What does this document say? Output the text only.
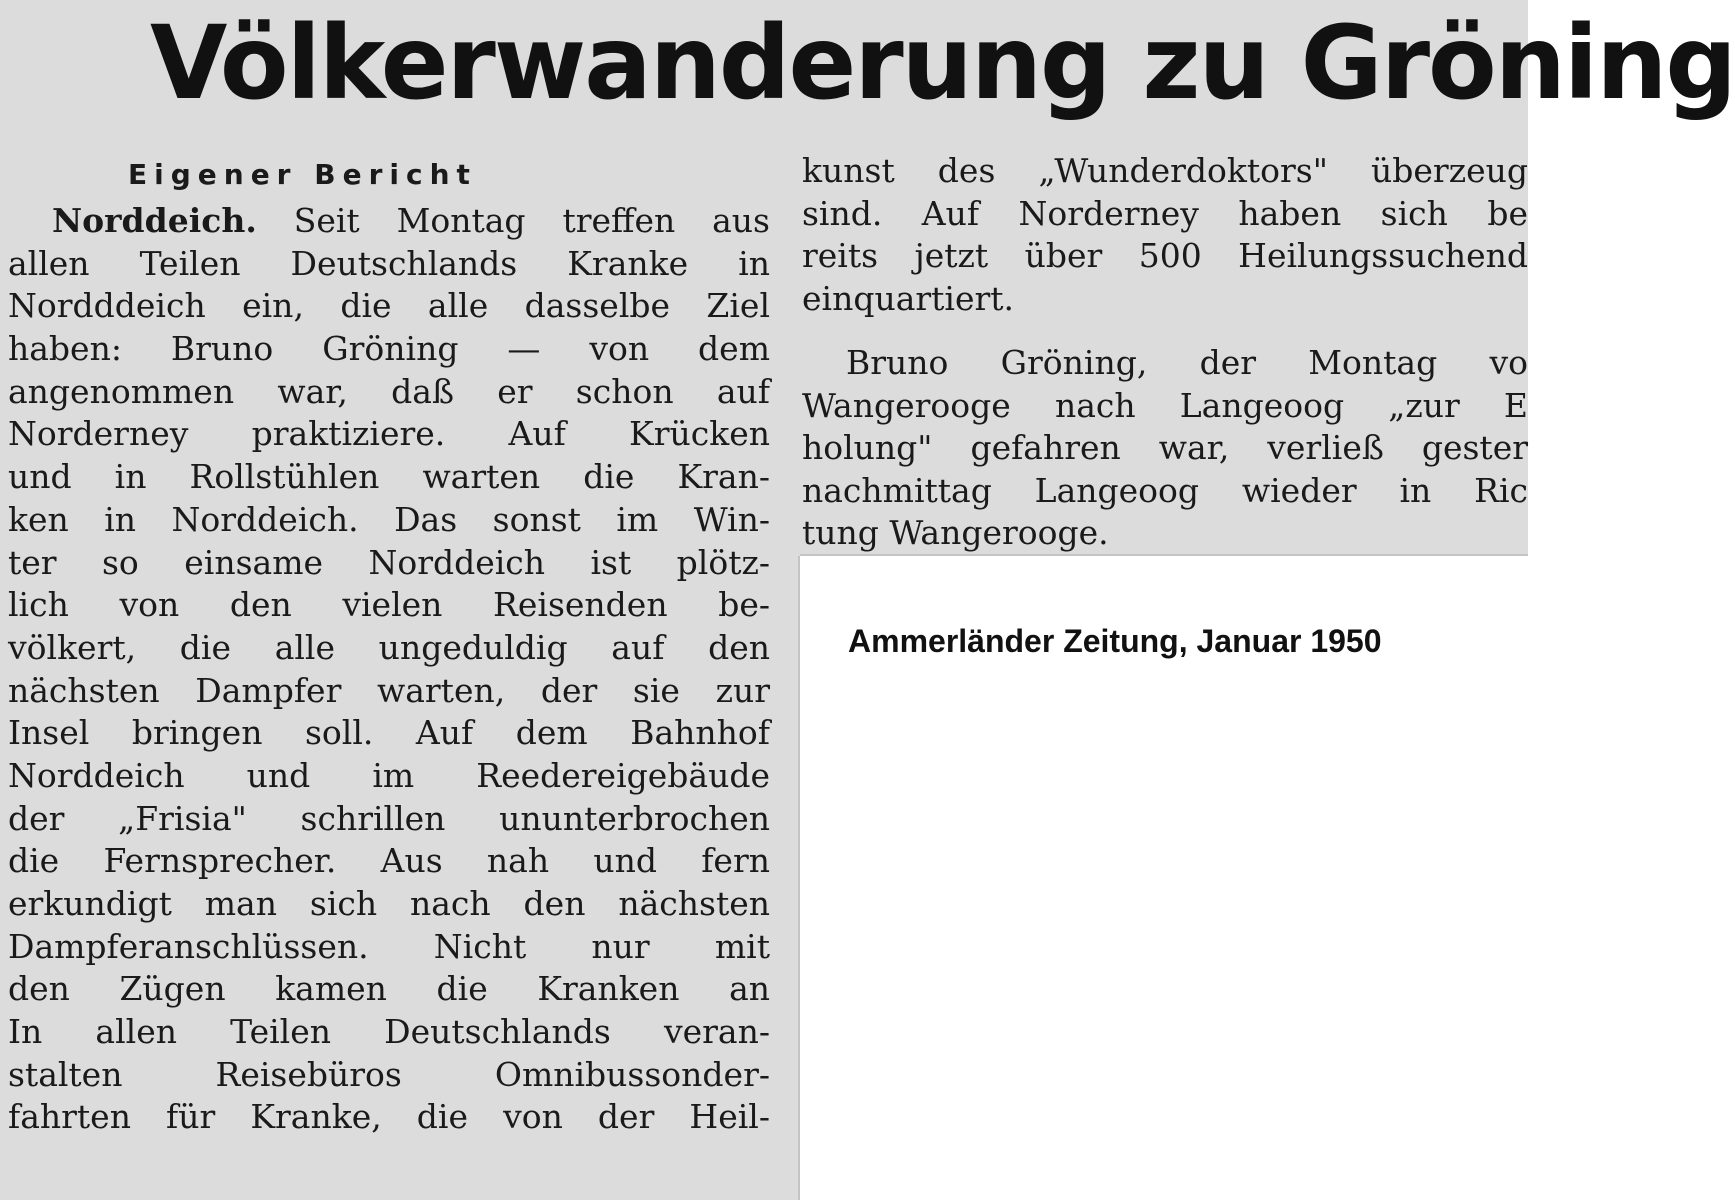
Völkerwanderung zu Gröning
Eigener Bericht
Norddeich. Seit Montag treffen aus
allen Teilen Deutschlands Kranke in
Nordddeich ein, die alle dasselbe Ziel
haben: Bruno Gröning — von dem
angenommen war, daß er schon auf
Norderney praktiziere. Auf Krücken
und in Rollstühlen warten die Kran-
ken in Norddeich. Das sonst im Win-
ter so einsame Norddeich ist plötz-
lich von den vielen Reisenden be-
völkert, die alle ungeduldig auf den
nächsten Dampfer warten, der sie zur
Insel bringen soll. Auf dem Bahnhof
Norddeich und im Reedereigebäude
der „Frisia" schrillen ununterbrochen
die Fernsprecher. Aus nah und fern
erkundigt man sich nach den nächsten
Dampferanschlüssen. Nicht nur mit
den Zügen kamen die Kranken an
In allen Teilen Deutschlands veran-
stalten Reisebüros Omnibussonder-
fahrten für Kranke, die von der Heil-
kunst des „Wunderdoktors" überzeug
sind. Auf Norderney haben sich be
reits jetzt über 500 Heilungssuchend
einquartiert.
Bruno Gröning, der Montag vo
Wangerooge nach Langeoog „zur E
holung" gefahren war, verließ gester
nachmittag Langeoog wieder in Ric
tung Wangerooge.

Ammerländer Zeitung, Januar 1950
